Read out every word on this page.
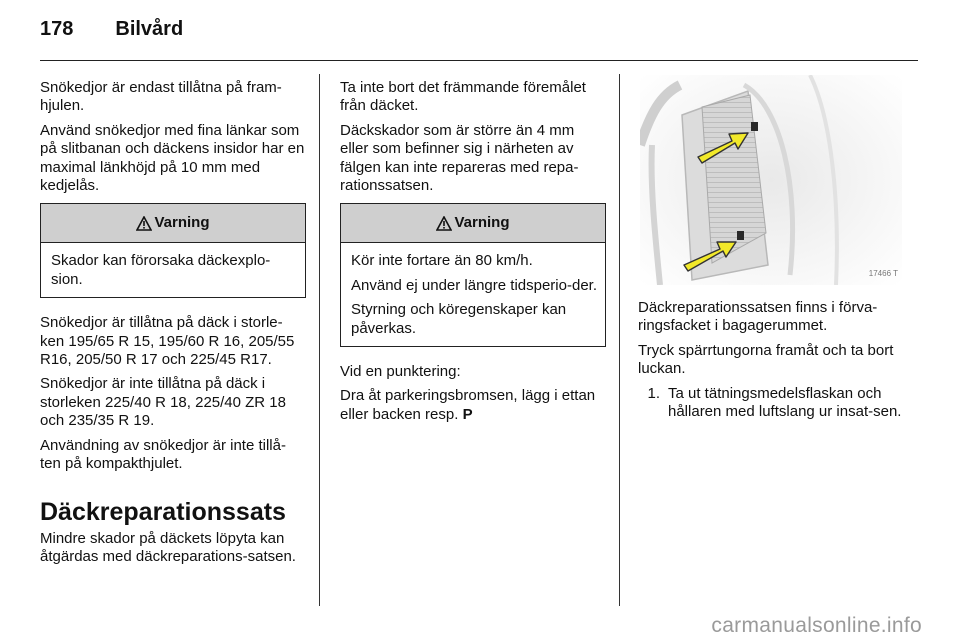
178 Bilvård

Snökedjor är endast tillåtna på fram-hjulen.

Använd snökedjor med fina länkar som på slitbanan och däckens insidor har en maximal länkhöjd på 10 mm med kedjelås.

Varning

Skador kan förorsaka däckexplo-sion.

Snökedjor är tillåtna på däck i storle-ken 195/65 R 15, 195/60 R 16, 205/55 R16, 205/50 R 17 och 225/45 R17.

Snökedjor är inte tillåtna på däck i storleken 225/40 R 18, 225/40 ZR 18 och 235/35 R 19.

Användning av snökedjor är inte tillå-ten på kompakthjulet.

Däckreparationssats

Mindre skador på däckets löpyta kan åtgärdas med däckreparations-satsen.

Ta inte bort det främmande föremålet från däcket.

Däckskador som är större än 4 mm eller som befinner sig i närheten av fälgen kan inte repareras med repa-rationssatsen.

Varning

Kör inte fortare än 80 km/h.

Använd ej under längre tidsperio-der.

Styrning och köregenskaper kan påverkas.

Vid en punktering:

Dra åt parkeringsbromsen, lägg i ettan eller backen resp. P

17466 T

Däckreparationssatsen finns i förva-ringsfacket i bagagerummet.

Tryck spärrtungorna framåt och ta bort luckan.

1. Ta ut tätningsmedelsflaskan och hållaren med luftslang ur insat-sen.
carmanualsonline.info
